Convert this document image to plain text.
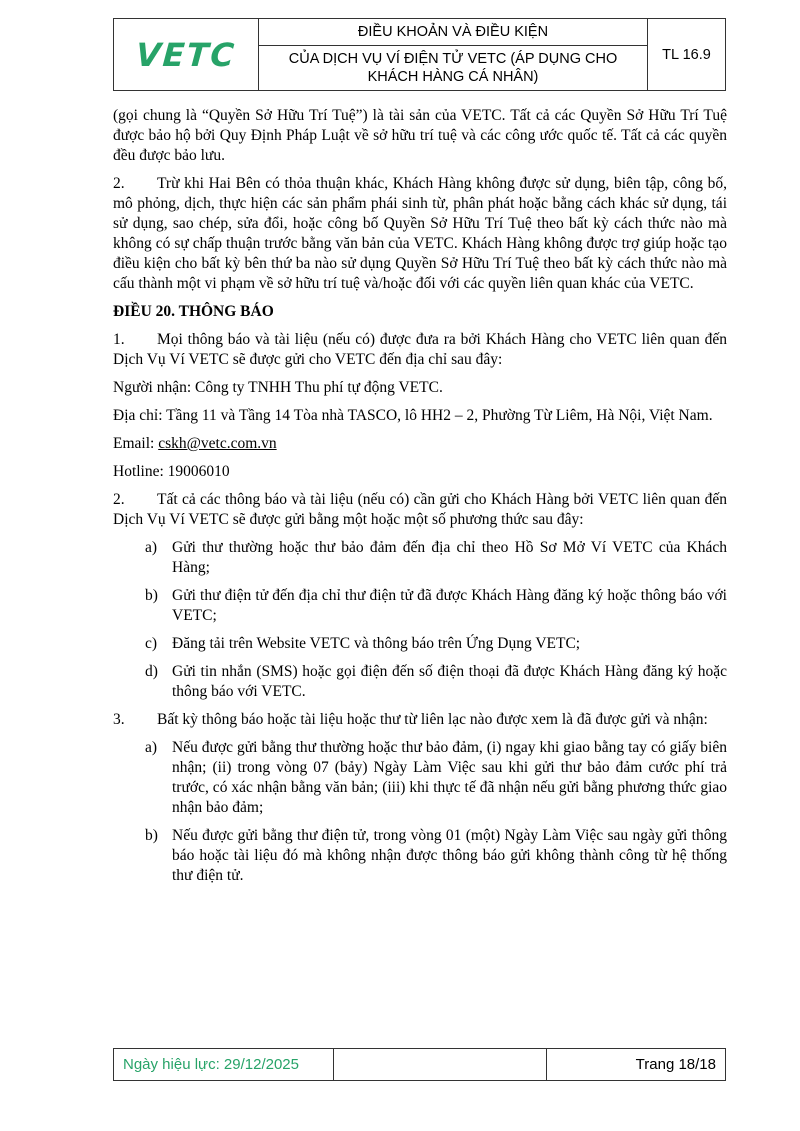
VETC
ĐIỀU KHOẢN VÀ ĐIỀU KIỆN
CỦA DỊCH VỤ VÍ ĐIỆN TỬ VETC (ÁP DỤNG CHO KHÁCH HÀNG CÁ NHÂN)
TL 16.9

(gọi chung là “Quyền Sở Hữu Trí Tuệ”) là tài sản của VETC. Tất cả các Quyền Sở Hữu Trí Tuệ được bảo hộ bởi Quy Định Pháp Luật về sở hữu trí tuệ và các công ước quốc tế. Tất cả các quyền đều được bảo lưu.

2. Trừ khi Hai Bên có thỏa thuận khác, Khách Hàng không được sử dụng, biên tập, công bố, mô phỏng, dịch, thực hiện các sản phẩm phái sinh từ, phân phát hoặc bằng cách khác sử dụng, tái sử dụng, sao chép, sửa đổi, hoặc công bố Quyền Sở Hữu Trí Tuệ theo bất kỳ cách thức nào mà không có sự chấp thuận trước bằng văn bản của VETC. Khách Hàng không được trợ giúp hoặc tạo điều kiện cho bất kỳ bên thứ ba nào sử dụng Quyền Sở Hữu Trí Tuệ theo bất kỳ cách thức nào mà cấu thành một vi phạm về sở hữu trí tuệ và/hoặc đối với các quyền liên quan khác của VETC.

ĐIỀU 20. THÔNG BÁO

1. Mọi thông báo và tài liệu (nếu có) được đưa ra bởi Khách Hàng cho VETC liên quan đến Dịch Vụ Ví VETC sẽ được gửi cho VETC đến địa chỉ sau đây:

Người nhận: Công ty TNHH Thu phí tự động VETC.

Địa chỉ: Tầng 11 và Tầng 14 Tòa nhà TASCO, lô HH2 – 2, Phường Từ Liêm, Hà Nội, Việt Nam.

Email: cskh@vetc.com.vn

Hotline: 19006010

2. Tất cả các thông báo và tài liệu (nếu có) cần gửi cho Khách Hàng bởi VETC liên quan đến Dịch Vụ Ví VETC sẽ được gửi bằng một hoặc một số phương thức sau đây:

a) Gửi thư thường hoặc thư bảo đảm đến địa chỉ theo Hồ Sơ Mở Ví VETC của Khách Hàng;
b) Gửi thư điện tử đến địa chỉ thư điện tử đã được Khách Hàng đăng ký hoặc thông báo với VETC;
c) Đăng tải trên Website VETC và thông báo trên Ứng Dụng VETC;
d) Gửi tin nhắn (SMS) hoặc gọi điện đến số điện thoại đã được Khách Hàng đăng ký hoặc thông báo với VETC.

3. Bất kỳ thông báo hoặc tài liệu hoặc thư từ liên lạc nào được xem là đã được gửi và nhận:

a) Nếu được gửi bằng thư thường hoặc thư bảo đảm, (i) ngay khi giao bằng tay có giấy biên nhận; (ii) trong vòng 07 (bảy) Ngày Làm Việc sau khi gửi thư bảo đảm cước phí trả trước, có xác nhận bằng văn bản; (iii) khi thực tế đã nhận nếu gửi bằng phương thức giao nhận bảo đảm;
b) Nếu được gửi bằng thư điện tử, trong vòng 01 (một) Ngày Làm Việc sau ngày gửi thông báo hoặc tài liệu đó mà không nhận được thông báo gửi không thành công từ hệ thống thư điện tử.
Ngày hiệu lực: 29/12/2025	Trang 18/18
